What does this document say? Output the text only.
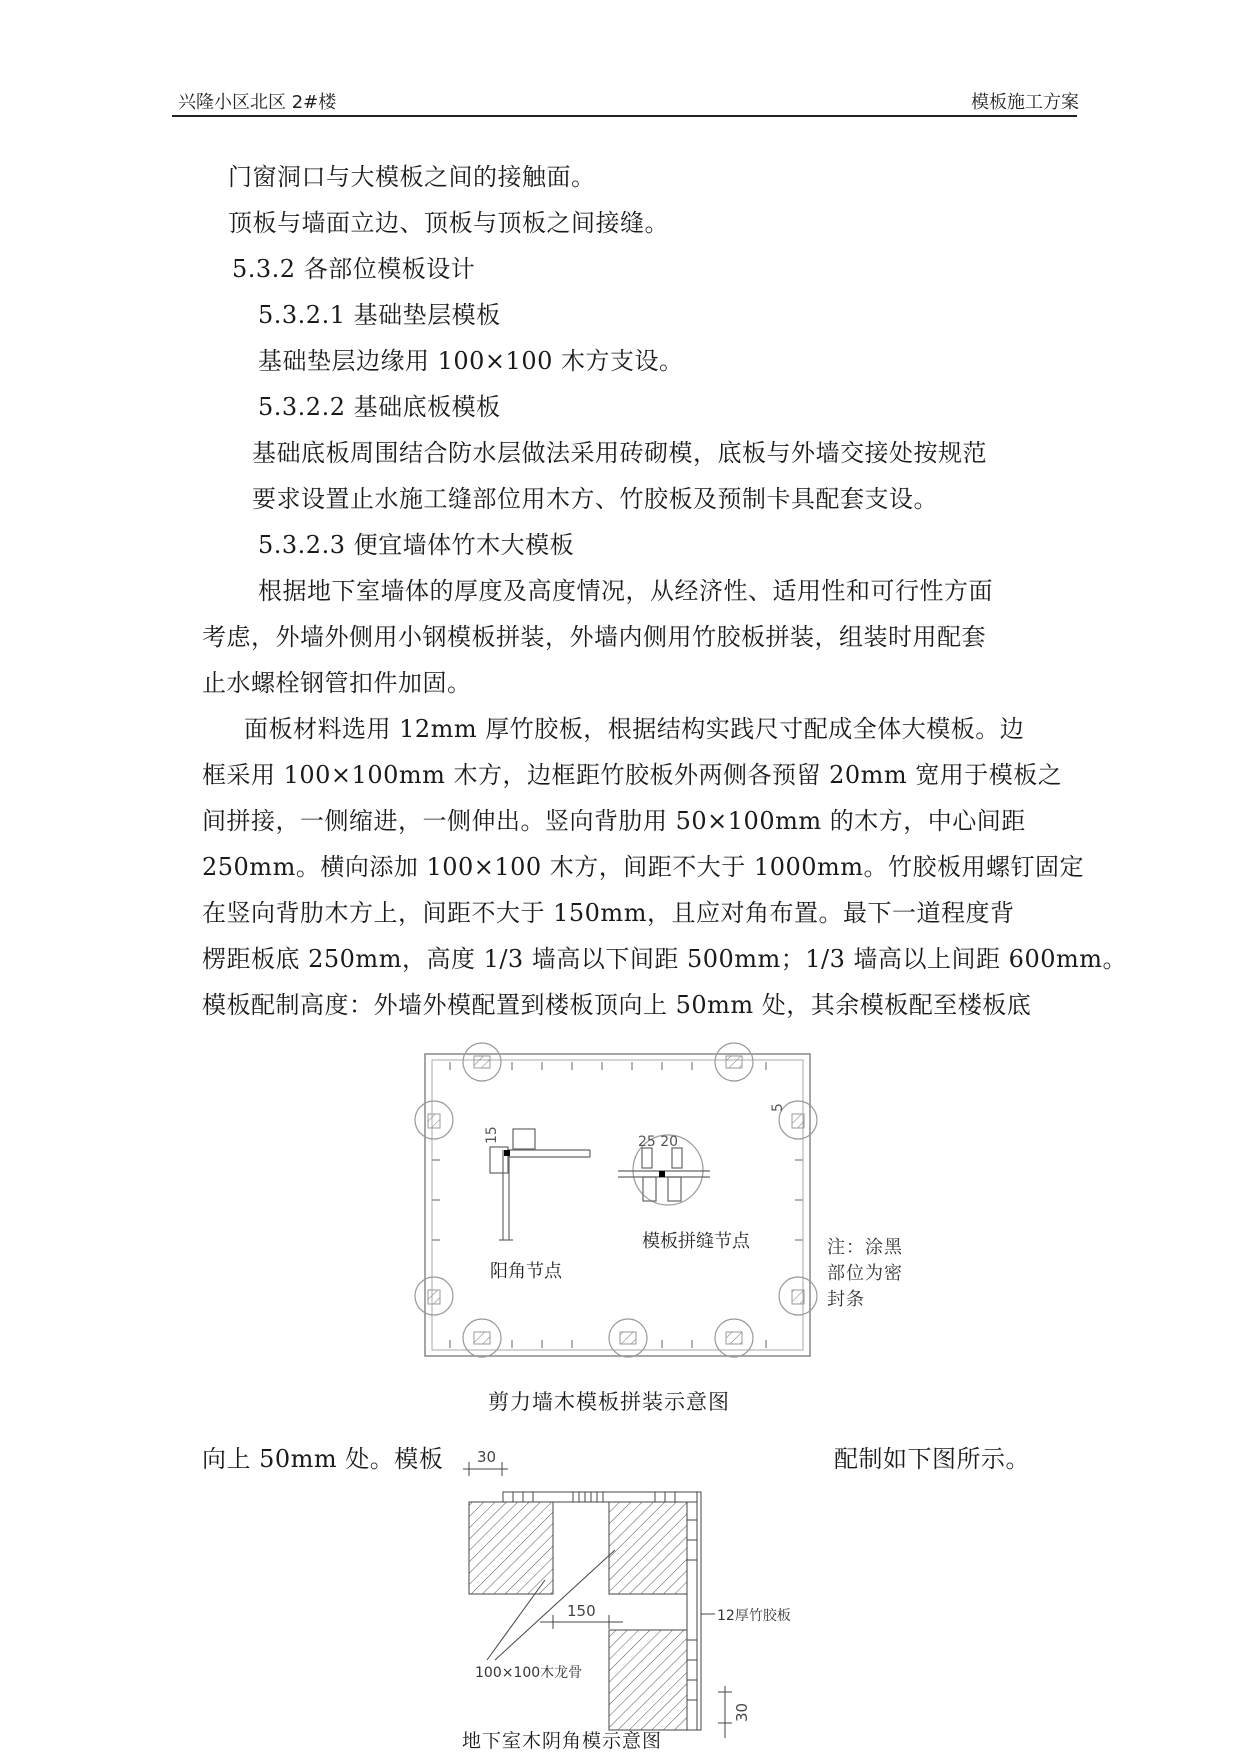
兴隆小区北区 2#楼	模板施工方案
门窗洞口与大模板之间的接触面。
顶板与墙面立边、顶板与顶板之间接缝。
5.3.2 各部位模板设计
5.3.2.1 基础垫层模板
基础垫层边缘用 100×100 木方支设。
5.3.2.2 基础底板模板
基础底板周围结合防水层做法采用砖砌模，底板与外墙交接处按规范
要求设置止水施工缝部位用木方、竹胶板及预制卡具配套支设。
5.3.2.3 便宜墙体竹木大模板
根据地下室墙体的厚度及高度情况，从经济性、适用性和可行性方面
考虑，外墙外侧用小钢模板拼装，外墙内侧用竹胶板拼装，组装时用配套
止水螺栓钢管扣件加固。
面板材料选用 12mm 厚竹胶板，根据结构实践尺寸配成全体大模板。边
框采用 100×100mm 木方，边框距竹胶板外两侧各预留 20mm 宽用于模板之
间拼接，一侧缩进，一侧伸出。竖向背肋用 50×100mm 的木方，中心间距
250mm。横向添加 100×100 木方，间距不大于 1000mm。竹胶板用螺钉固定
在竖向背肋木方上，间距不大于 150mm，且应对角布置。最下一道程度背
楞距板底 250mm，高度 1/3 墙高以下间距 500mm；1/3 墙高以上间距 600mm。
模板配制高度：外墙外模配置到楼板顶向上 50mm 处，其余模板配至楼板底
15	25 20
5
阳角节点
模板拼缝节点	注：涂黑
部位为密
封条
剪力墙木模板拼装示意图
向上 50mm 处。模板	配制如下图所示。
30
150
100×100木龙骨
12厚竹胶板
30
地下室木阴角模示意图
